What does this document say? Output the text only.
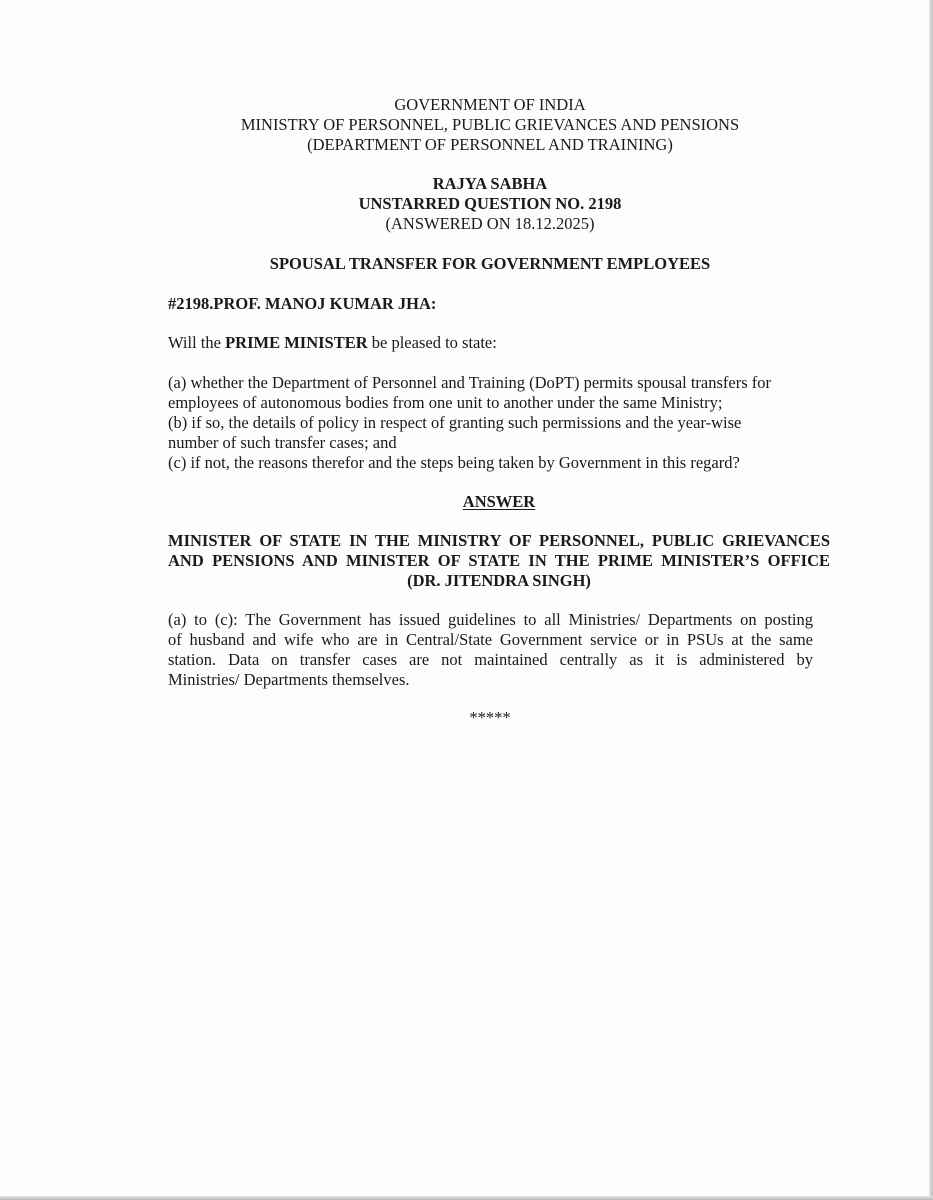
GOVERNMENT OF INDIA
MINISTRY OF PERSONNEL, PUBLIC GRIEVANCES AND PENSIONS
(DEPARTMENT OF PERSONNEL AND TRAINING)
RAJYA SABHA
UNSTARRED QUESTION NO. 2198
(ANSWERED ON 18.12.2025)
SPOUSAL TRANSFER FOR GOVERNMENT EMPLOYEES
#2198.PROF. MANOJ KUMAR JHA:
Will the PRIME MINISTER be pleased to state:
(a) whether the Department of Personnel and Training (DoPT) permits spousal transfers for
employees of autonomous bodies from one unit to another under the same Ministry;
(b) if so, the details of policy in respect of granting such permissions and the year-wise
number of such transfer cases; and
(c) if not, the reasons therefor and the steps being taken by Government in this regard?
ANSWER
MINISTER OF STATE IN THE MINISTRY OF PERSONNEL, PUBLIC GRIEVANCES
AND PENSIONS AND MINISTER OF STATE IN THE PRIME MINISTER’S OFFICE
(DR. JITENDRA SINGH)
(a) to (c): The Government has issued guidelines to all Ministries/ Departments on posting
of husband and wife who are in Central/State Government service or in PSUs at the same
station. Data on transfer cases are not maintained centrally as it is administered by
Ministries/ Departments themselves.
*****
